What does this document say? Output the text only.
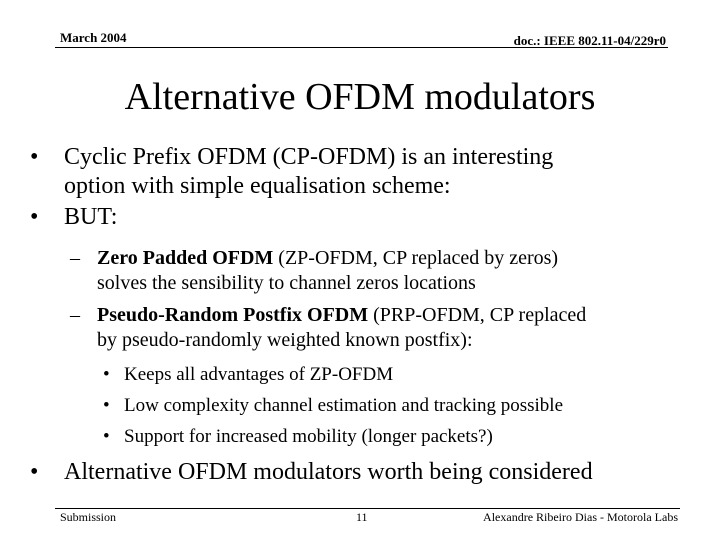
March 2004	doc.: IEEE 802.11-04/229r0
Alternative OFDM modulators
• Cyclic Prefix OFDM (CP-OFDM) is an interesting
option with simple equalisation scheme:
• BUT:
– Zero Padded OFDM (ZP-OFDM, CP replaced by zeros)
solves the sensibility to channel zeros locations
– Pseudo-Random Postfix OFDM (PRP-OFDM, CP replaced
by pseudo-randomly weighted known postfix):
• Keeps all advantages of ZP-OFDM
• Low complexity channel estimation and tracking possible
• Support for increased mobility (longer packets?)
• Alternative OFDM modulators worth being considered
Submission	11	Alexandre Ribeiro Dias - Motorola Labs
